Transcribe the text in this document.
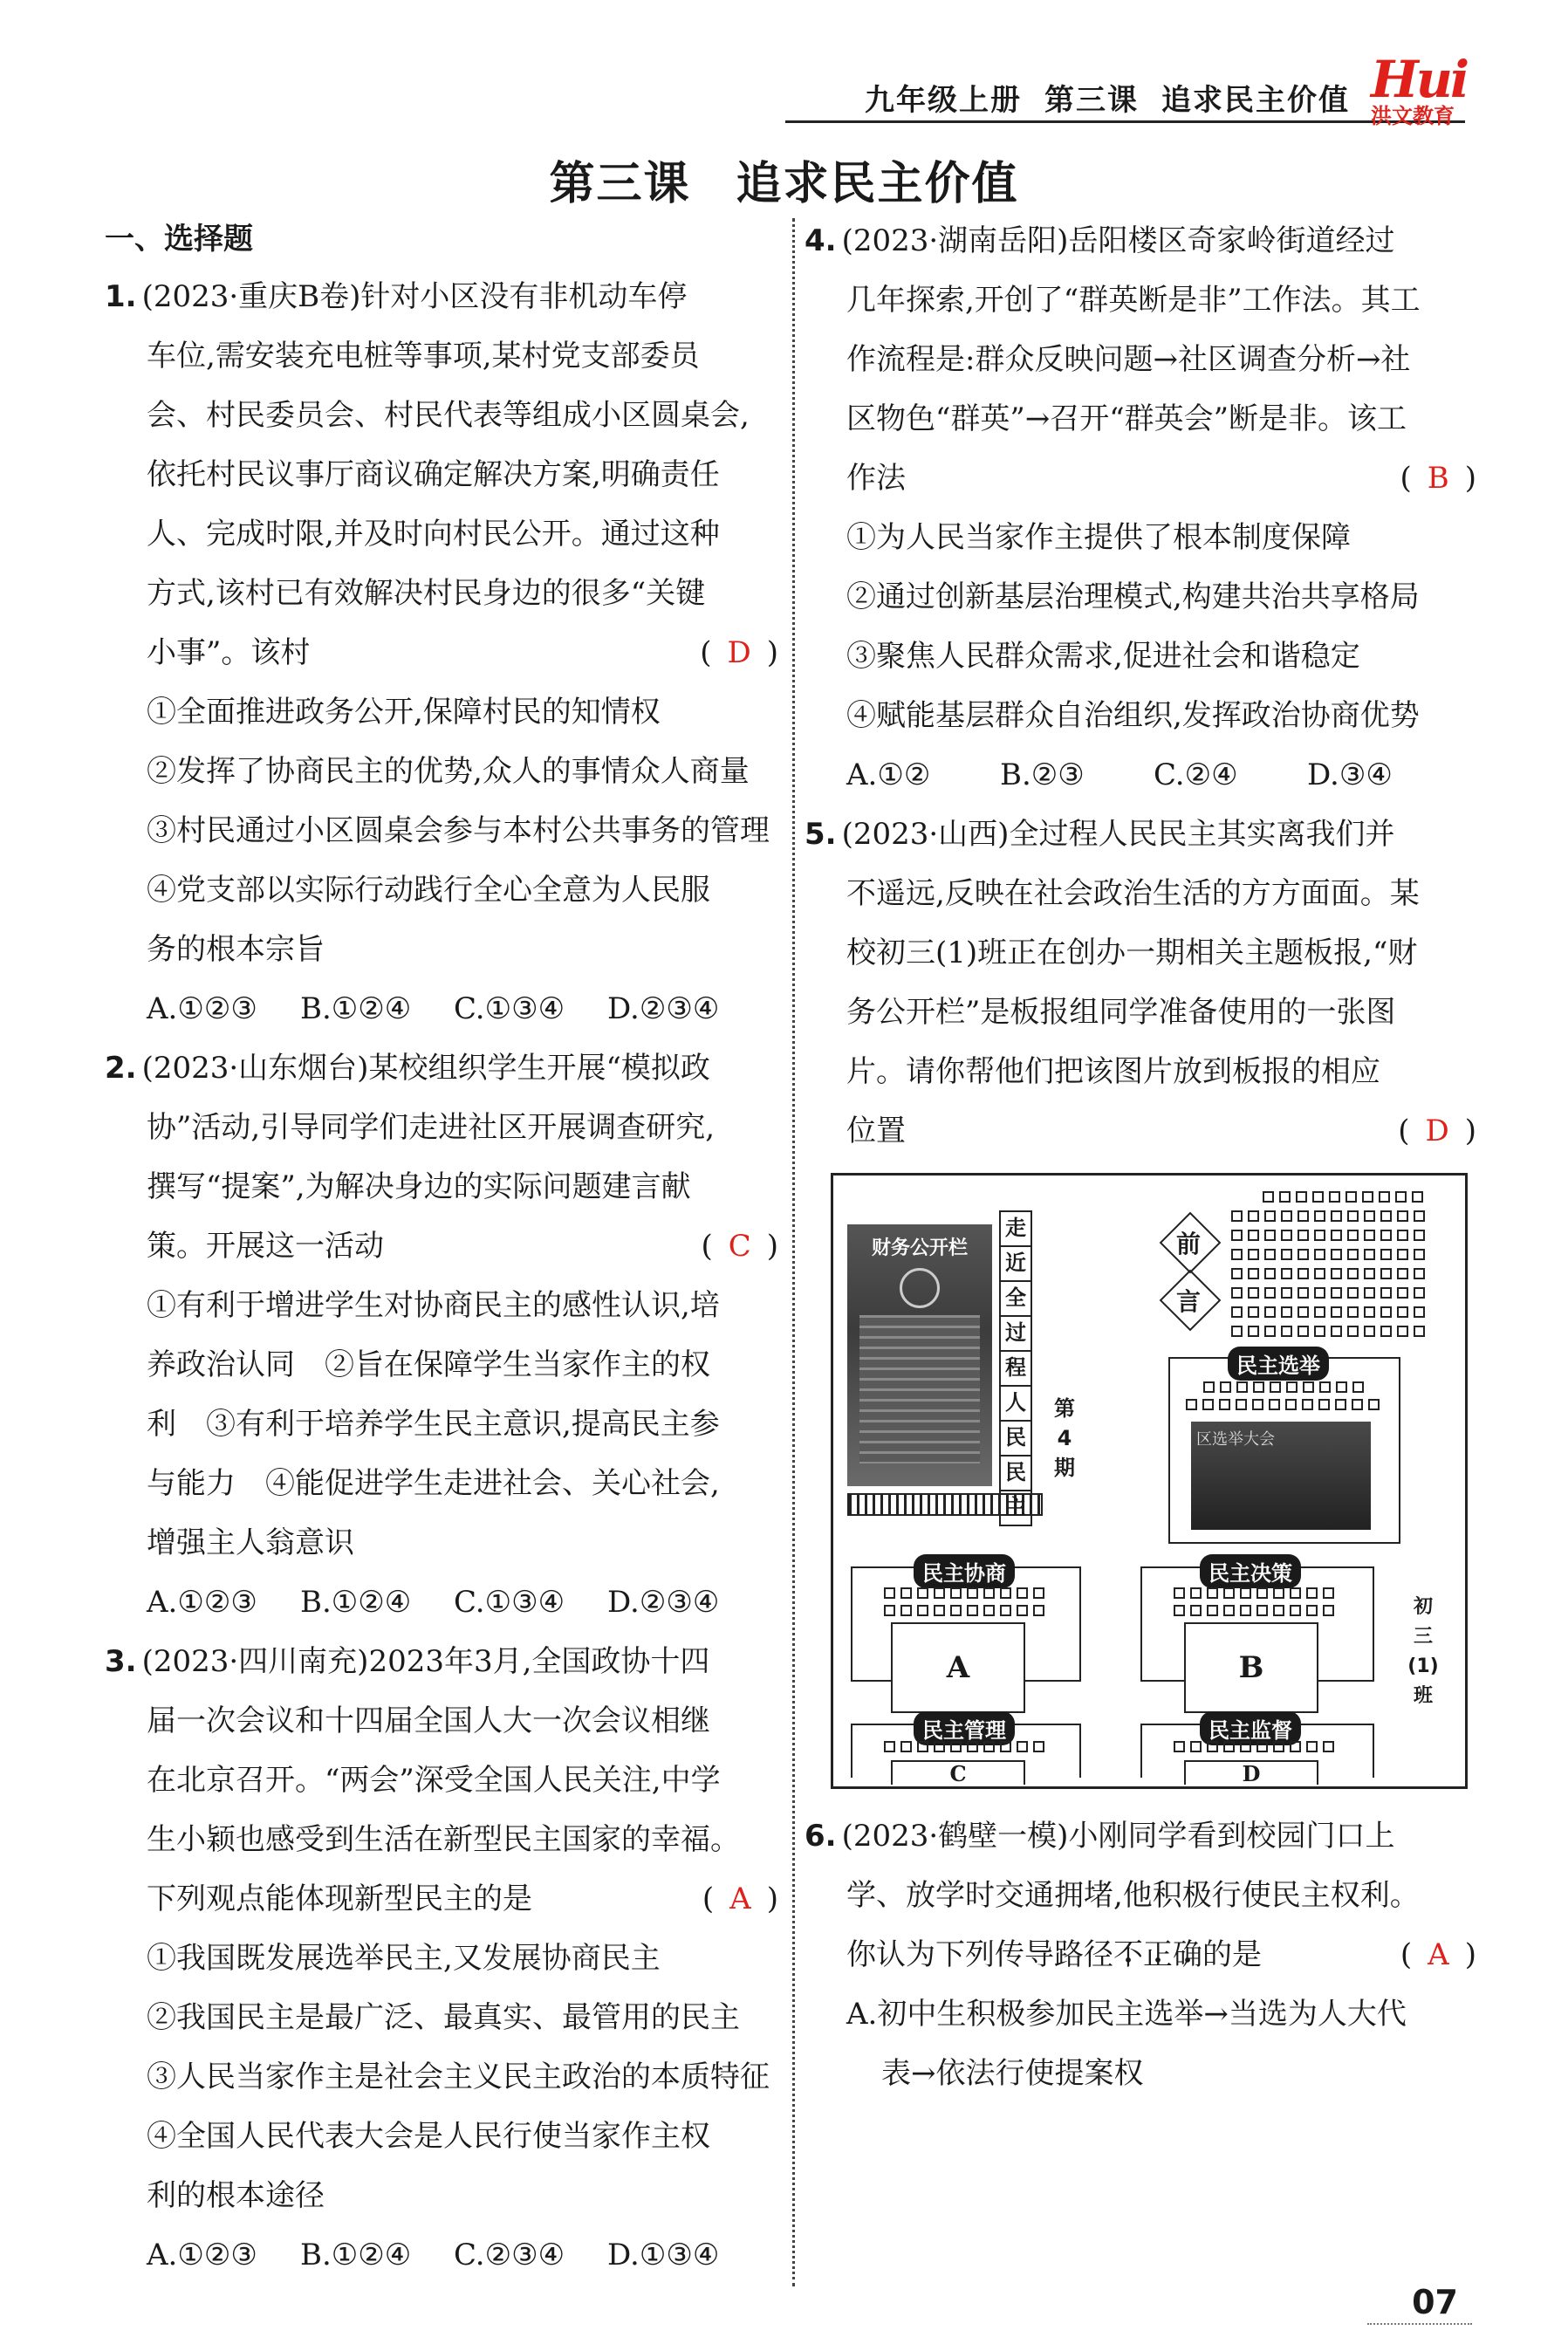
九年级上册 第三课 追求民主价值 Hui
洪文教育
第三课 追求民主价值
一、选择题
1. (2023·重庆B卷)针对小区没有非机动车停
车位,需安装充电桩等事项,某村党支部委员
会、村民委员会、村民代表等组成小区圆桌会,
依托村民议事厅商议确定解决方案,明确责任
人、完成时限,并及时向村民公开。通过这种
方式,该村已有效解决村民身边的很多“关键
小事”。该村	( D )
①全面推进政务公开,保障村民的知情权
②发挥了协商民主的优势,众人的事情众人商量
③村民通过小区圆桌会参与本村公共事务的管理
④党支部以实际行动践行全心全意为人民服
务的根本宗旨
A.①②③ B.①②④ C.①③④ D.②③④
2. (2023·山东烟台)某校组织学生开展“模拟政
协”活动,引导同学们走进社区开展调查研究,
撰写“提案”,为解决身边的实际问题建言献
策。开展这一活动	( C )
①有利于增进学生对协商民主的感性认识,培
养政治认同　②旨在保障学生当家作主的权
利　③有利于培养学生民主意识,提高民主参
与能力　④能促进学生走进社会、关心社会,
增强主人翁意识
A.①②③ B.①②④ C.①③④ D.②③④
3. (2023·四川南充)2023年3月,全国政协十四
届一次会议和十四届全国人大一次会议相继
在北京召开。“两会”深受全国人民关注,中学
生小颖也感受到生活在新型民主国家的幸福。
下列观点能体现新型民主的是	( A )
①我国既发展选举民主,又发展协商民主
②我国民主是最广泛、最真实、最管用的民主
③人民当家作主是社会主义民主政治的本质特征
④全国人民代表大会是人民行使当家作主权
利的根本途径
A.①②③ B.①②④ C.②③④ D.①③④
4. (2023·湖南岳阳)岳阳楼区奇家岭街道经过
几年探索,开创了“群英断是非”工作法。其工
作流程是:群众反映问题→社区调查分析→社
区物色“群英”→召开“群英会”断是非。该工
作法	( B )
①为人民当家作主提供了根本制度保障
②通过创新基层治理模式,构建共治共享格局
③聚焦人民群众需求,促进社会和谐稳定
④赋能基层群众自治组织,发挥政治协商优势
A.①② B.②③ C.②④ D.③④
5. (2023·山西)全过程人民民主其实离我们并
不遥远,反映在社会政治生活的方方面面。某
校初三(1)班正在创办一期相关主题板报,“财
务公开栏”是板报组同学准备使用的一张图
片。请你帮他们把该图片放到板报的相应
位置	( D )
财务公开栏
走
近
全
过
程
人
民
民
主
第
4
期
前
言
民主选举
区选举大会
民主协商
A
民主决策
B
民主管理
C
民主监督
D
初
三
(1)
班
6. (2023·鹤壁一模)小刚同学看到校园门口上
学、放学时交通拥堵,他积极行使民主权利。
你认为下列传导路径不 •正 •确 •的是	( A )
A.初中生积极参加民主选举→当选为人大代
表→依法行使提案权
07
